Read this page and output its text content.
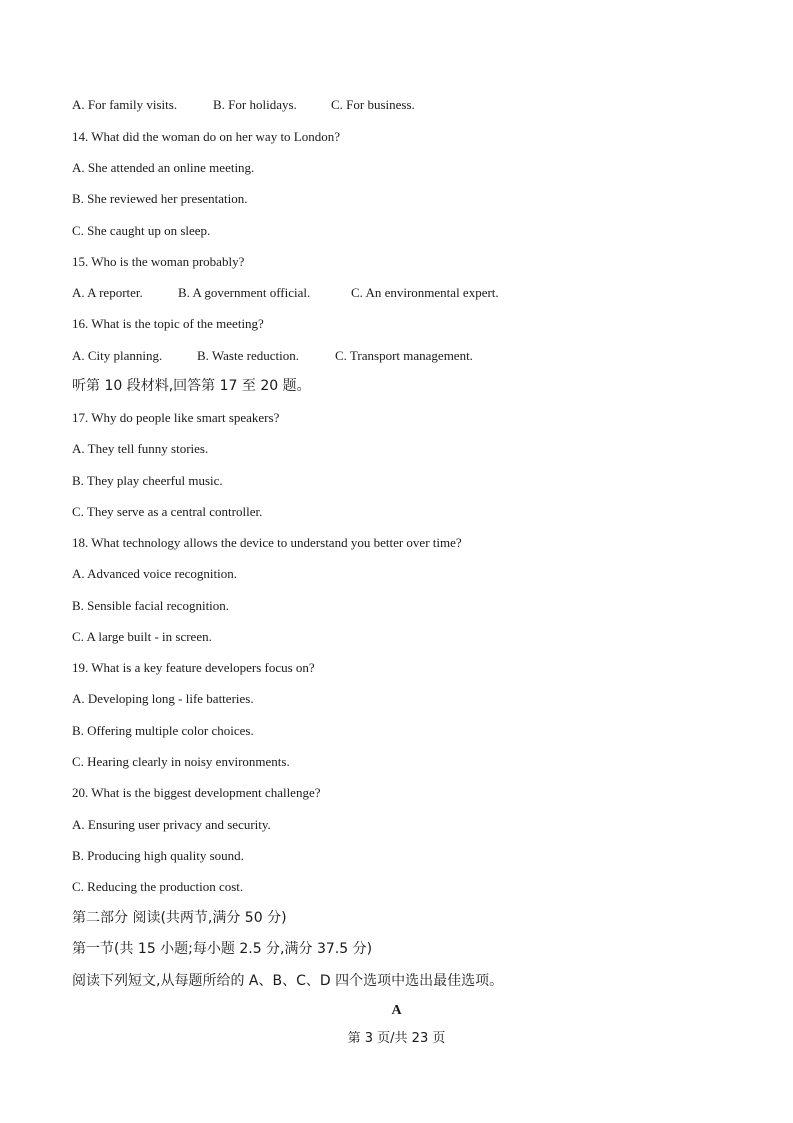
A. For family visits.	B. For holidays.	C. For business.
14. What did the woman do on her way to London?
A. She attended an online meeting.
B. She reviewed her presentation.
C. She caught up on sleep.
15. Who is the woman probably?
A. A reporter.	B. A government official.	C. An environmental expert.
16. What is the topic of the meeting?
A. City planning.	B. Waste reduction.	C. Transport management.
听第 10 段材料,回答第 17 至 20 题。
17. Why do people like smart speakers?
A. They tell funny stories.
B. They play cheerful music.
C. They serve as a central controller.
18. What technology allows the device to understand you better over time?
A. Advanced voice recognition.
B. Sensible facial recognition.
C. A large built - in screen.
19. What is a key feature developers focus on?
A. Developing long - life batteries.
B. Offering multiple color choices.
C. Hearing clearly in noisy environments.
20. What is the biggest development challenge?
A. Ensuring user privacy and security.
B. Producing high quality sound.
C. Reducing the production cost.
第二部分 阅读(共两节,满分 50 分)
第一节(共 15 小题;每小题 2.5 分,满分 37.5 分)
阅读下列短文,从每题所给的 A、B、C、D 四个选项中选出最佳选项。
A
第 3 页/共 23 页
